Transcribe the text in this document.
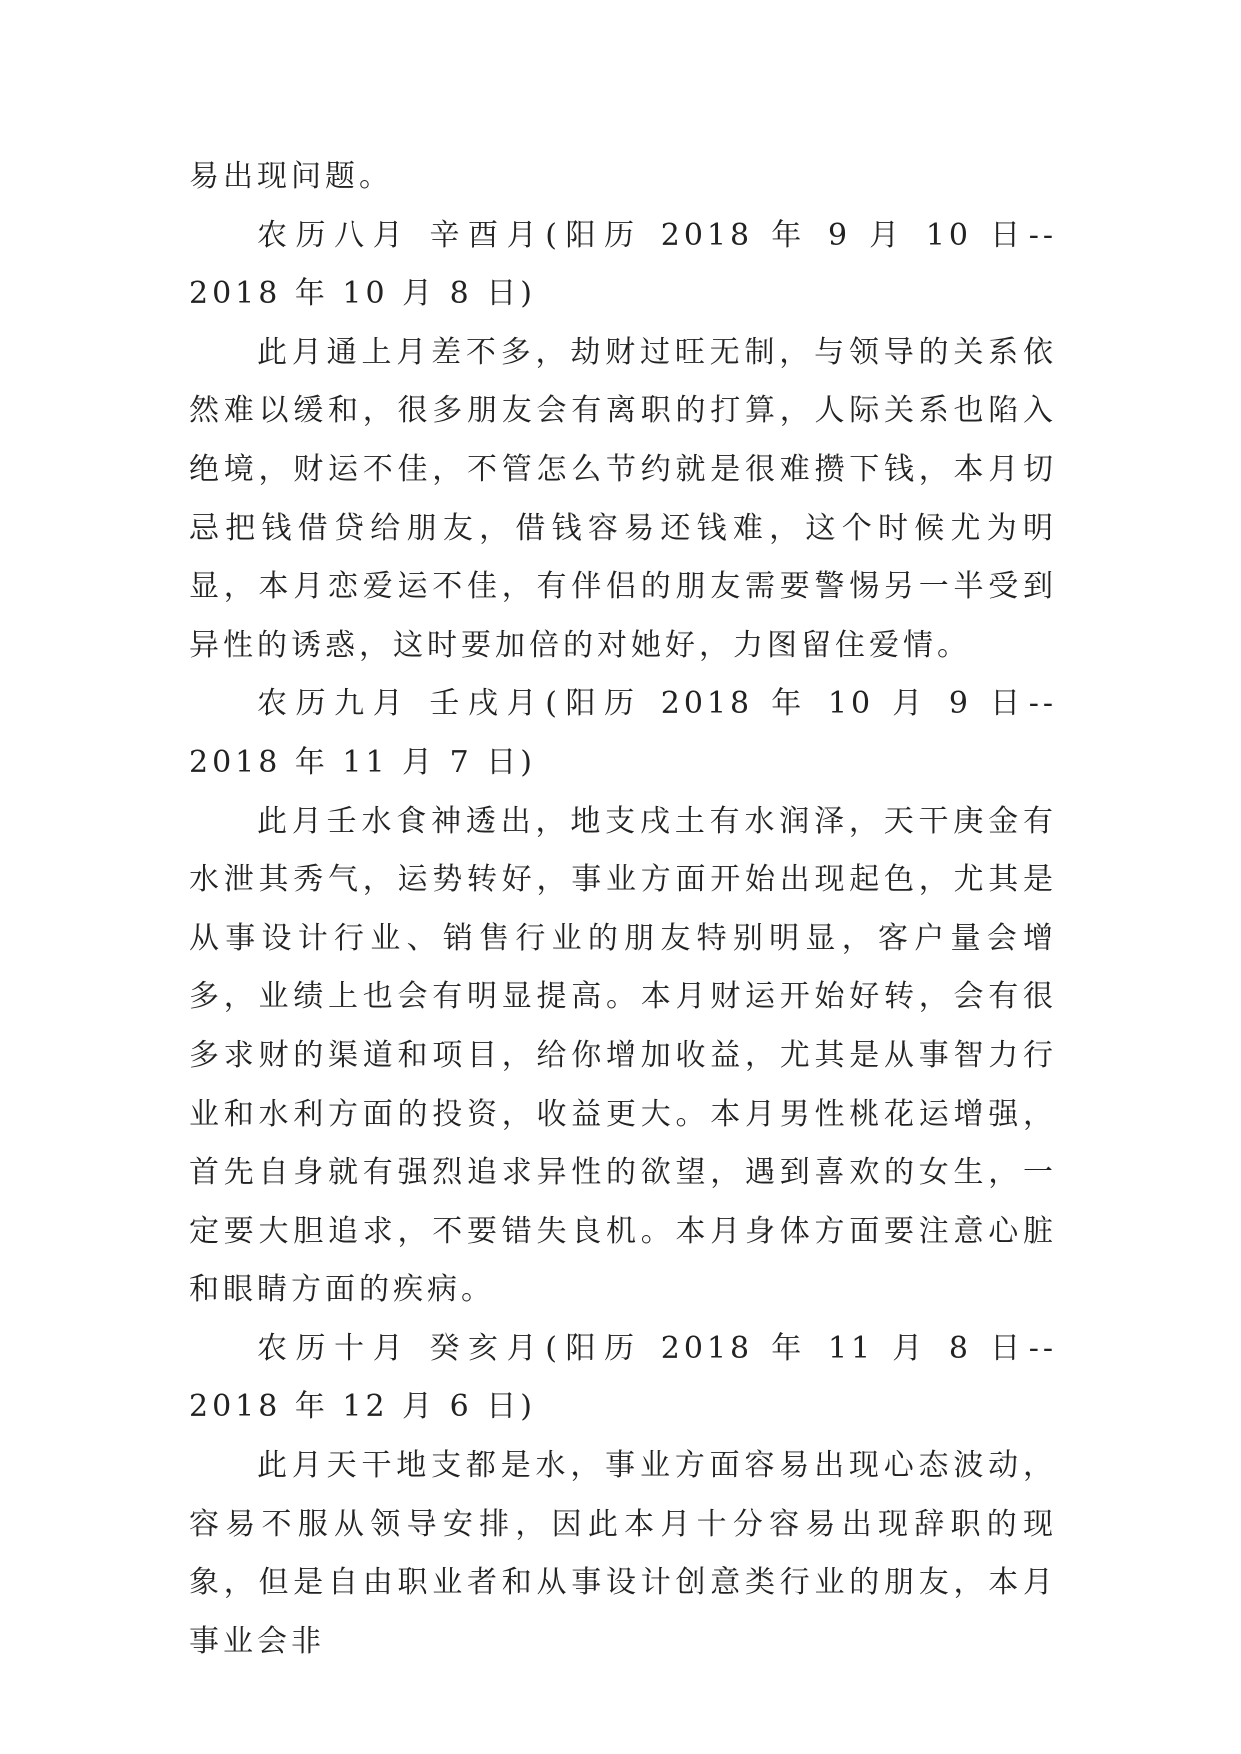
易出现问题。

农历八月 辛酉月(阳历 2018 年 9 月 10 日-- 2018 年 10 月 8 日)

此月通上月差不多，劫财过旺无制，与领导的关系依然难以缓和，很多朋友会有离职的打算，人际关系也陷入绝境，财运不佳，不管怎么节约就是很难攒下钱，本月切忌把钱借贷给朋友，借钱容易还钱难，这个时候尤为明显，本月恋爱运不佳，有伴侣的朋友需要警惕另一半受到异性的诱惑，这时要加倍的对她好，力图留住爱情。

农历九月 壬戌月(阳历 2018 年 10 月 9 日-- 2018 年 11 月 7 日)

此月壬水食神透出，地支戌土有水润泽，天干庚金有水泄其秀气，运势转好，事业方面开始出现起色，尤其是从事设计行业、销售行业的朋友特别明显，客户量会增多，业绩上也会有明显提高。本月财运开始好转，会有很多求财的渠道和项目，给你增加收益，尤其是从事智力行业和水利方面的投资，收益更大。本月男性桃花运增强，首先自身就有强烈追求异性的欲望，遇到喜欢的女生，一定要大胆追求，不要错失良机。本月身体方面要注意心脏和眼睛方面的疾病。

农历十月 癸亥月(阳历 2018 年 11 月 8 日-- 2018 年 12 月 6 日)

此月天干地支都是水，事业方面容易出现心态波动，容易不服从领导安排，因此本月十分容易出现辞职的现象，但是自由职业者和从事设计创意类行业的朋友，本月事业会非
